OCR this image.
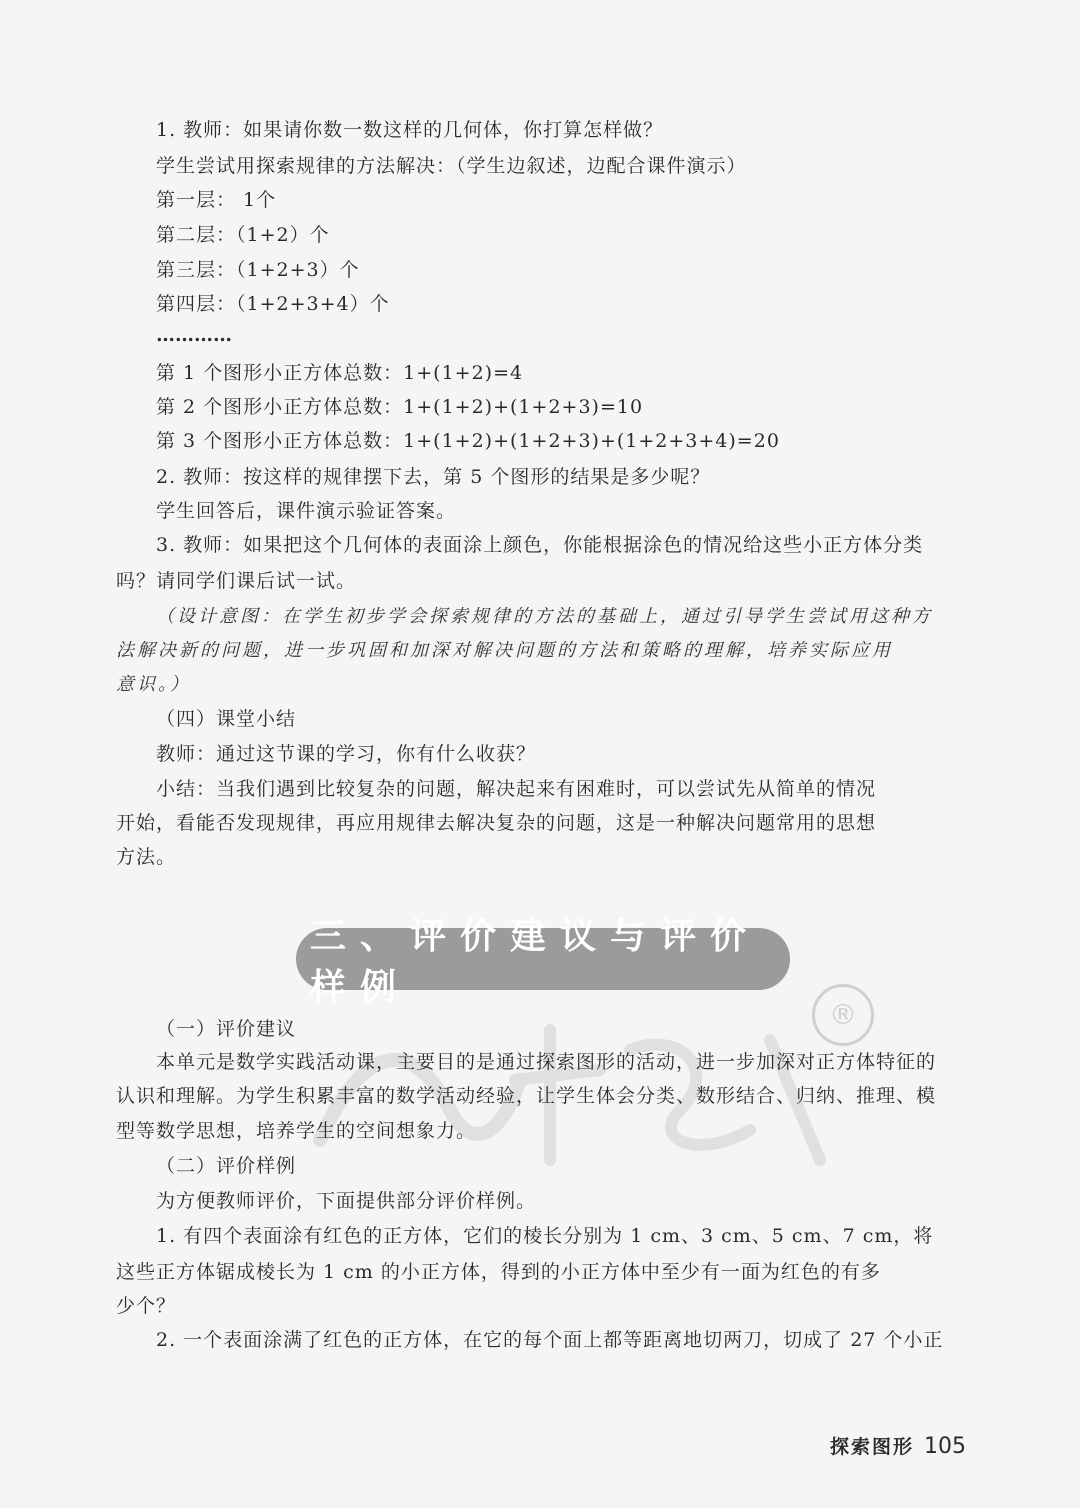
1. 教师：如果请你数一数这样的几何体，你打算怎样做？
学生尝试用探索规律的方法解决：（学生边叙述，边配合课件演示）
第一层： 1个
第二层：（1+2）个
第三层：（1+2+3）个
第四层：（1+2+3+4）个
…………
第 1 个图形小正方体总数：1+(1+2)=4
第 2 个图形小正方体总数：1+(1+2)+(1+2+3)=10
第 3 个图形小正方体总数：1+(1+2)+(1+2+3)+(1+2+3+4)=20
2. 教师：按这样的规律摆下去，第 5 个图形的结果是多少呢？
学生回答后，课件演示验证答案。
3. 教师：如果把这个几何体的表面涂上颜色，你能根据涂色的情况给这些小正方体分类
吗？请同学们课后试一试。
（设计意图：在学生初步学会探索规律的方法的基础上，通过引导学生尝试用这种方
法解决新的问题，进一步巩固和加深对解决问题的方法和策略的理解，培养实际应用
意识。）
（四）课堂小结
教师：通过这节课的学习，你有什么收获？
小结：当我们遇到比较复杂的问题，解决起来有困难时，可以尝试先从简单的情况
开始，看能否发现规律，再应用规律去解决复杂的问题，这是一种解决问题常用的思想
方法。
三、评价建议与评价样例
®
（一）评价建议
本单元是数学实践活动课，主要目的是通过探索图形的活动，进一步加深对正方体特征的
认识和理解。为学生积累丰富的数学活动经验，让学生体会分类、数形结合、归纳、推理、模
型等数学思想，培养学生的空间想象力。
（二）评价样例
为方便教师评价，下面提供部分评价样例。
1. 有四个表面涂有红色的正方体，它们的棱长分别为 1 cm、3 cm、5 cm、7 cm，将
这些正方体锯成棱长为 1 cm 的小正方体，得到的小正方体中至少有一面为红色的有多
少个？
2. 一个表面涂满了红色的正方体，在它的每个面上都等距离地切两刀，切成了 27 个小正
探索图形 105
